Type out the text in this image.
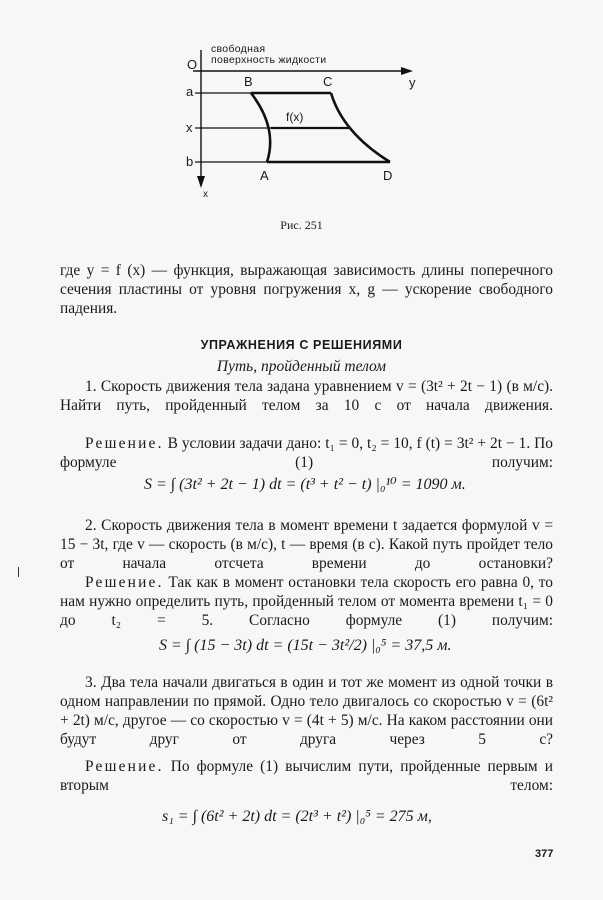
свободная
поверхность жидкости
O
y
a
x
b
x
B	C
f(x)
A	D
Рис. 251
где y = f (x) — функция, выражающая зависимость длины поперечного сечения пластины от уровня погружения x, g — ускорение свободного падения.
УПРАЖНЕНИЯ С РЕШЕНИЯМИ
Путь, пройденный телом
1. Скорость движения тела задана уравнением v = (3t² + 2t − 1) (в м/с). Найти путь, пройденный телом за 10 с от начала движения.
Решение. В условии задачи дано: t₁ = 0, t₂ = 10, f (t) = 3t² + 2t − 1. По формуле (1) получим:
S = ∫ (3t² + 2t − 1) dt = (t³ + t² − t) |₀¹⁰ = 1090 м.
2. Скорость движения тела в момент времени t задается формулой v = 15 − 3t, где v — скорость (в м/с), t — время (в с). Какой путь пройдет тело от начала отсчета времени до остановки?
Решение. Так как в момент остановки тела скорость его равна 0, то нам нужно определить путь, пройденный телом от момента времени t₁ = 0 до t₂ = 5. Согласно формуле (1) получим:
S = ∫ (15 − 3t) dt = (15t − 3t²/2) |₀⁵ = 37,5 м.
3. Два тела начали двигаться в один и тот же момент из одной точки в одном направлении по прямой. Одно тело двигалось со скоростью v = (6t² + 2t) м/с, другое — со скоростью v = (4t + 5) м/с. На каком расстоянии они будут друг от друга через 5 с?
Решение. По формуле (1) вычислим пути, пройденные первым и вторым телом:
s₁ = ∫ (6t² + 2t) dt = (2t³ + t²) |₀⁵ = 275 м,
377
